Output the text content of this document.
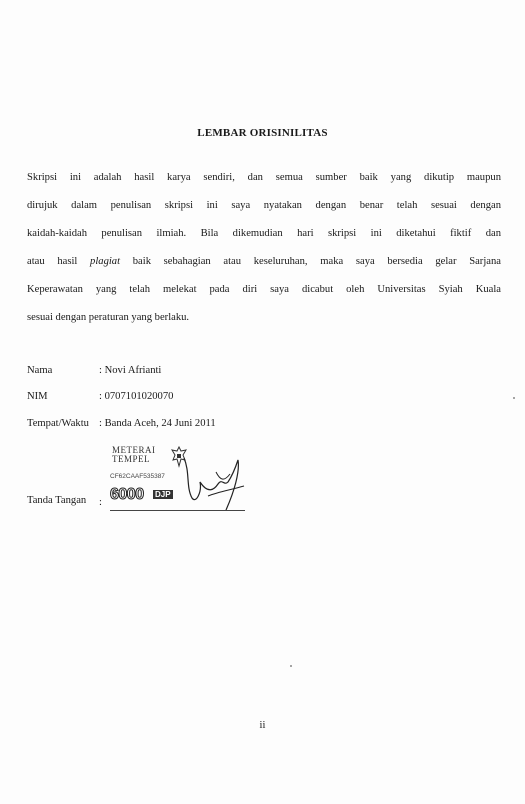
LEMBAR ORISINILITAS
Skripsi ini adalah hasil karya sendiri, dan semua sumber baik yang dikutip maupun
dirujuk dalam penulisan skripsi ini saya nyatakan dengan benar telah sesuai dengan
kaidah-kaidah penulisan ilmiah. Bila dikemudian hari skripsi ini diketahui fiktif dan
atau hasil plagiat baik sebahagian atau keseluruhan, maka saya bersedia gelar Sarjana
Keperawatan yang telah melekat pada diri saya dicabut oleh Universitas Syiah Kuala
sesuai dengan peraturan yang berlaku.
Nama	: Novi Afrianti
NIM	: 0707101020070
Tempat/Waktu : Banda Aceh, 24 Juni 2011
METERAI
TEMPEL
CF62CAAF535387
6000 DJP
Tanda Tangan :
ii
